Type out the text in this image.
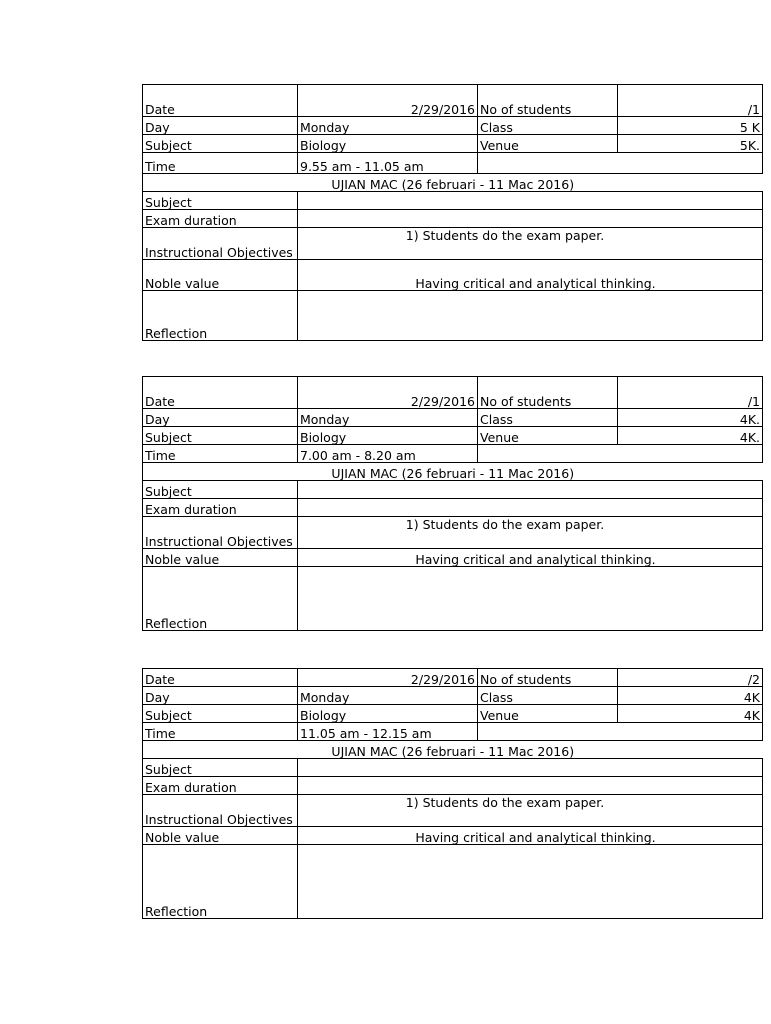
Date	2/29/2016	No of students	/1
Day	Monday	Class	5 K
Subject	Biology	Venue	5K.
Time	9.55 am - 11.05 am		
UJIAN MAC (26 februari - 11 Mac 2016)			
Subject			
Exam duration			
Instructional Objectives	1) Students do the exam paper.		
Noble value	Having critical and analytical thinking.		
Reflection			
Date	2/29/2016	No of students	/1
Day	Monday	Class	4K.
Subject	Biology	Venue	4K.
Time	7.00 am - 8.20 am		
UJIAN MAC (26 februari - 11 Mac 2016)			
Subject			
Exam duration			
Instructional Objectives	1) Students do the exam paper.		
Noble value	Having critical and analytical thinking.		
Reflection			
Date	2/29/2016	No of students	/2
Day	Monday	Class	4K
Subject	Biology	Venue	4K
Time	11.05 am - 12.15 am		
UJIAN MAC (26 februari - 11 Mac 2016)			
Subject			
Exam duration			
Instructional Objectives	1) Students do the exam paper.		
Noble value	Having critical and analytical thinking.		
Reflection			
